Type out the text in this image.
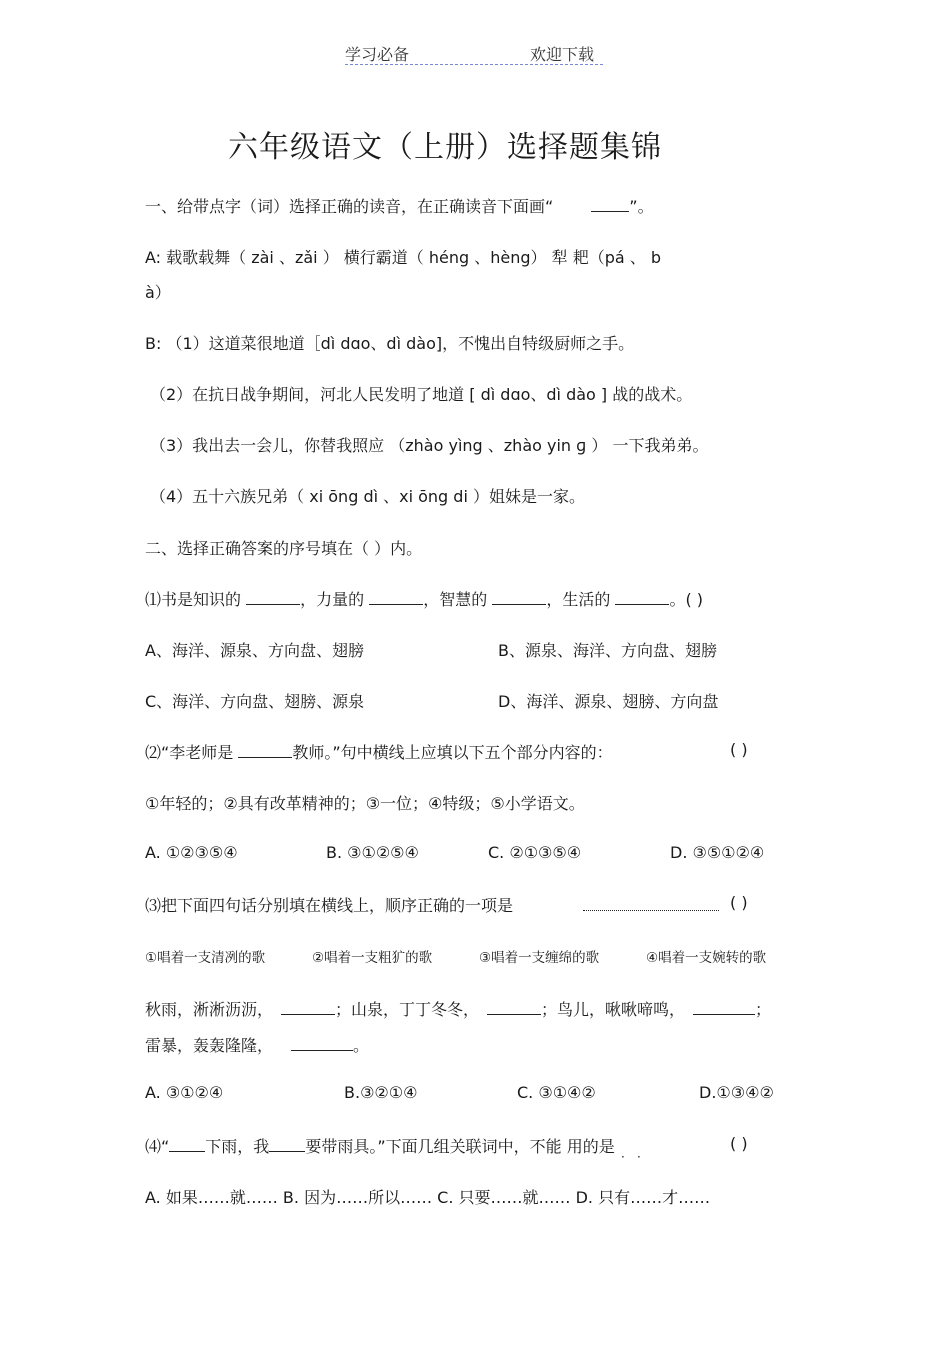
学习必备	欢迎下载
六年级语文（上册）选择题集锦
一、给带点字（词）选择正确的读音，在正确读音下面画“	”。
A: 载歌载舞（ zài 、zǎi ） 横行霸道（ héng 、hèng） 犁 耙（pá 、 b
à）
B: （1）这道菜很地道［dì dɑo、dì dào]，不愧出自特级厨师之手。
（2）在抗日战争期间，河北人民发明了地道 [ dì dɑo、dì dào ] 战的战术。
（3）我出去一会儿，你替我照应 （zhào yìng 、zhào yin ɡ ） 一下我弟弟。
（4）五十六族兄弟（ xi ōng dì 、xi ōng di ）姐妹是一家。
二、选择正确答案的序号填在（ ）内。
⑴书是知识的	，力量的	，智慧的	，生活的	。( )
A、海洋、源泉、方向盘、翅膀	B、源泉、海洋、方向盘、翅膀
C、海洋、方向盘、翅膀、源泉	D、海洋、源泉、翅膀、方向盘
⑵“李老师是	教师。”句中横线上应填以下五个部分内容的：	( )
①年轻的；②具有改革精神的；③一位；④特级；⑤小学语文。
A. ①②③⑤④	B. ③①②⑤④	C. ②①③⑤④	D. ③⑤①②④
⑶把下面四句话分别填在横线上，顺序正确的一项是	( )
①唱着一支清冽的歌	②唱着一支粗犷的歌	③唱着一支缠绵的歌	④唱着一支婉转的歌
秋雨，淅淅沥沥，	；山泉，丁丁冬冬，	；鸟儿，啾啾啼鸣，	；
雷暴，轰轰隆隆，	。
A. ③①②④	B.③②①④	C. ③①④②	D.①③④②
⑷“ 下雨，我 要带雨具。”下面几组关联词中，不能 用的是
· ·
( )
A. 如果……就…… B. 因为……所以…… C. 只要……就…… D. 只有……才……
